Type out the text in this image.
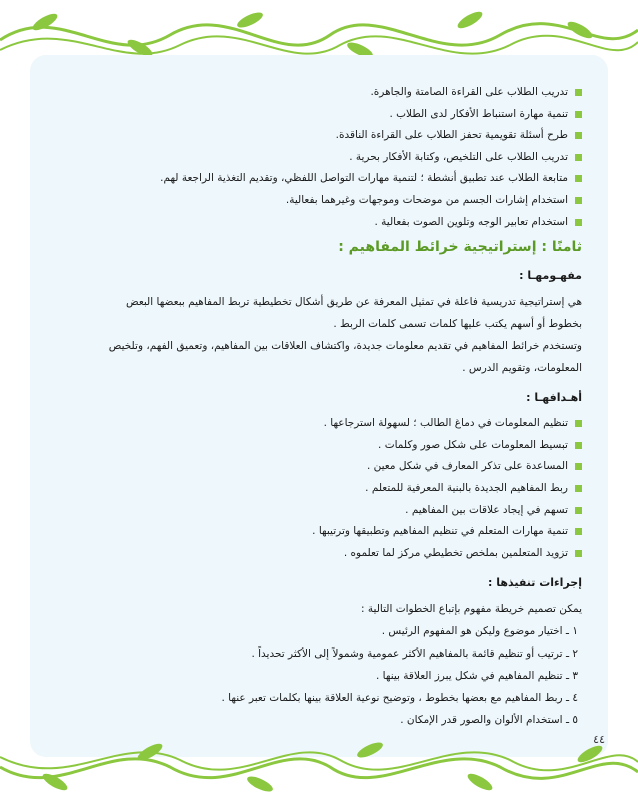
تدريب الطلاب على القراءة الصامتة والجاهرة.
تنمية مهارة استنباط الأفكار لدى الطلاب .
طرح أسئلة تقويمية تحفز الطلاب على القراءة الناقدة.
تدريب الطلاب على التلخيص، وكتابة الأفكار بحرية .
متابعة الطلاب عند تطبيق أنشطة ؛ لتنمية مهارات التواصل اللفظي، وتقديم التغذية الراجعة لهم.
استخدام إشارات الجسم من موضحات وموجهات وغيرهما بفعالية.
استخدام تعابير الوجه وتلوين الصوت بفعالية .
ثامنًا : إستراتيجية خرائط المفاهيم :
مفهـومهـا :

هي إستراتيجية تدريسية فاعلة في تمثيل المعرفة عن طريق أشكال تخطيطية تربط المفاهيم ببعضها البعض
بخطوط أو أسهم يكتب عليها كلمات تسمى كلمات الربط .

وتستخدم خرائط المفاهيم في تقديم معلومات جديدة، واكتشاف العلاقات بين المفاهيم، وتعميق الفهم، وتلخيص
المعلومات، وتقويم الدرس .

أهـدافهـا :
تنظيم المعلومات في دماغ الطالب ؛ لسهولة استرجاعها .
تبسيط المعلومات على شكل صور وكلمات .
المساعدة على تذكر المعارف في شكل معين .
ربط المفاهيم الجديدة بالبنية المعرفية للمتعلم .
تسهم في إيجاد علاقات بين المفاهيم .
تنمية مهارات المتعلم في تنظيم المفاهيم وتطبيقها وترتيبها .
تزويد المتعلمين بملخص تخطيطي مركز لما تعلموه .
إجراءات تنفيذها :

يمكن تصميم خريطة مفهوم بإتباع الخطوات التالية :

١ ـ اختيار موضوع وليكن هو المفهوم الرئيس .
٢ ـ ترتيب أو تنظيم قائمة بالمفاهيم الأكثر عمومية وشمولاً إلى الأكثر تحديداً .
٣ ـ تنظيم المفاهيم في شكل يبرز العلاقة بينها .
٤ ـ ربط المفاهيم مع بعضها بخطوط ، وتوضيح نوعية العلاقة بينها بكلمات تعبر عنها .
٥ ـ استخدام الألوان والصور قدر الإمكان .
٤٤
